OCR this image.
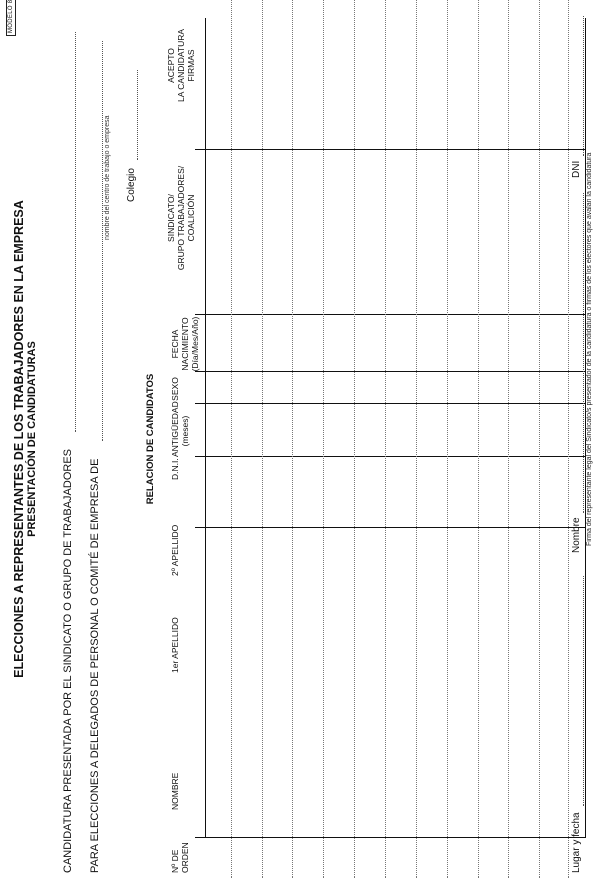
MODELO 8
ELECCIONES A REPRESENTANTES DE LOS TRABAJADORES EN LA EMPRESA PRESENTACIÓN DE CANDIDATURAS
CANDIDATURA PRESENTADA POR EL SINDICATO O GRUPO DE TRABAJADORES PARA ELECCIONES A DELEGADOS DE PERSONAL O COMITÉ DE EMPRESA DE
nombre del centro de trabajo o empresa Colegio
RELACION DE CANDIDATOS
Nº DE ORDEN
NOMBRE
1er APELLIDO
2º APELLIDO
D.N.I.
ANTIGÜEDAD (meses)
SEXO
FECHA NACIMIENTO (Día/Mes/Año)
SINDICATO/ GRUPO TRABAJADORES/ COALICIÓN
ACEPTO LA CANDIDATURA FIRMAS
Lugar y fecha
Nombre
DNI Firma del representante legal del Sindicato/s presentador de la candidatura o firmas de los electores que avalan la candidatura
